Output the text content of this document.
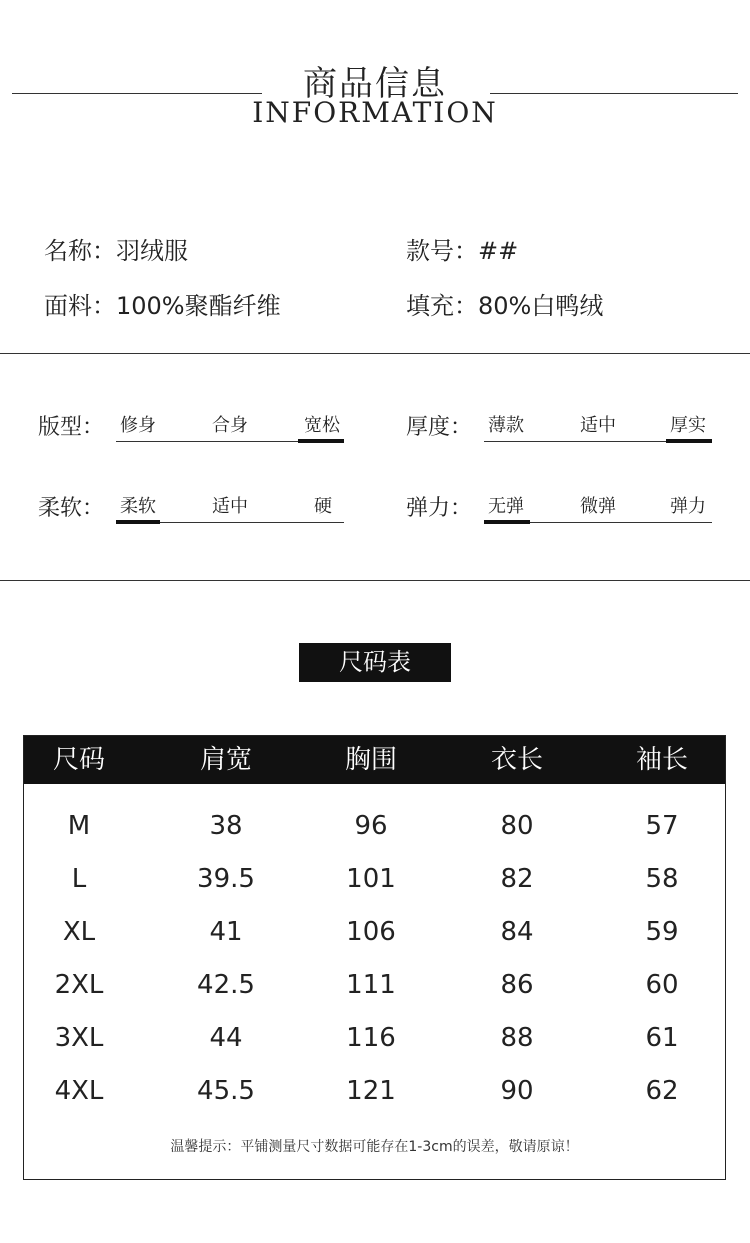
商品信息
INFORMATION
名称：羽绒服	款号：##
面料：100%聚酯纤维	填充：80%白鸭绒
版型： 修身	合身	宽松	厚度： 薄款	适中	厚实
柔软： 柔软	适中	硬	弹力： 无弹	微弹	弹力
尺码表
尺码	肩宽	胸围	衣长	袖长
M	38	96	80	57
L	39.5	101	82	58
XL	41	106	84	59
2XL	42.5	111	86	60
3XL	44	116	88	61
4XL	45.5	121	90	62
温馨提示：平铺测量尺寸数据可能存在1-3cm的误差，敬请原谅！
